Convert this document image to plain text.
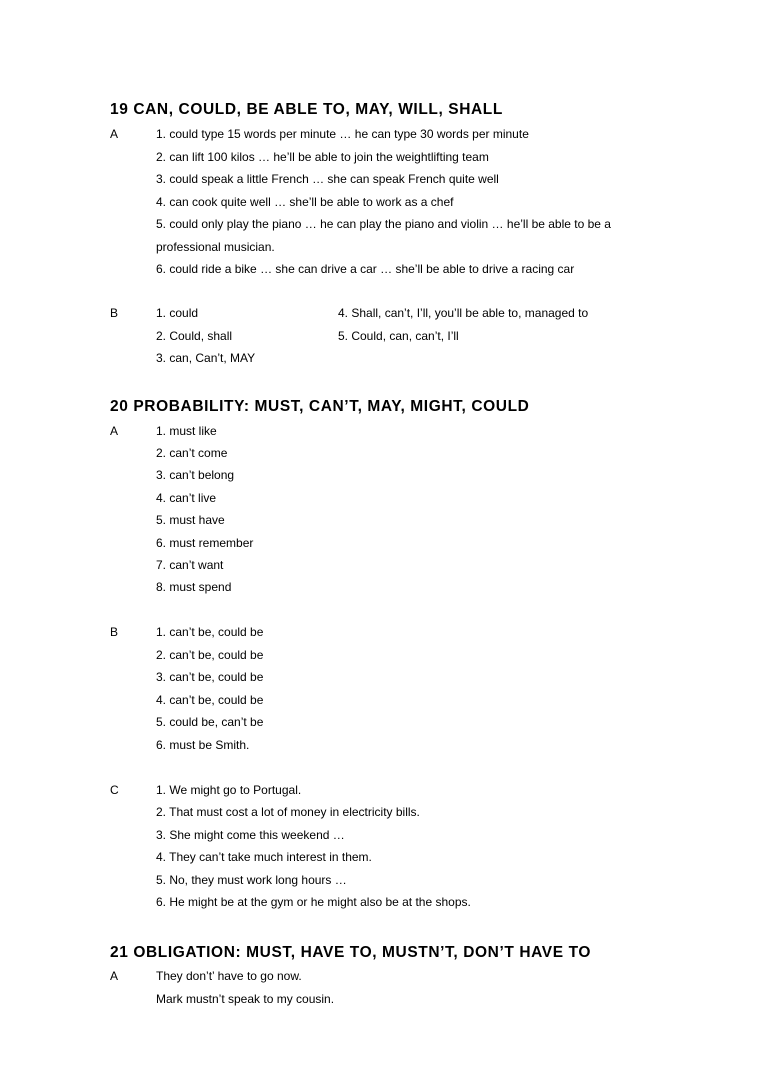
19 CAN, COULD, BE ABLE TO, MAY, WILL, SHALL
A	1. could type 15 words per minute … he can type 30 words per minute
2. can lift 100 kilos … he’ll be able to join the weightlifting team
3. could speak a little French … she can speak French quite well
4. can cook quite well … she’ll be able to work as a chef
5. could only play the piano … he can play the piano and violin … he’ll be able to be a
professional musician.
6. could ride a bike … she can drive a car … she’ll be able to drive a racing car
B	1. could
2. Could, shall
3. can, Can’t, MAY
4. Shall, can’t, I’ll, you’ll be able to, managed to
5. Could, can, can’t, I’ll
20 PROBABILITY: MUST, CAN’T, MAY, MIGHT, COULD
A	1. must like
2. can’t come
3. can’t belong
4. can’t live
5. must have
6. must remember
7. can’t want
8. must spend
B	1. can’t be, could be
2. can’t be, could be
3. can’t be, could be
4. can’t be, could be
5. could be, can’t be
6. must be Smith.
C	1. We might go to Portugal.
2. That must cost a lot of money in electricity bills.
3. She might come this weekend …
4. They can’t take much interest in them.
5. No, they must work long hours …
6. He might be at the gym or he might also be at the shops.
21 OBLIGATION: MUST, HAVE TO, MUSTN’T, DON’T HAVE TO
A	They don’t’ have to go now.
Mark mustn’t speak to my cousin.
